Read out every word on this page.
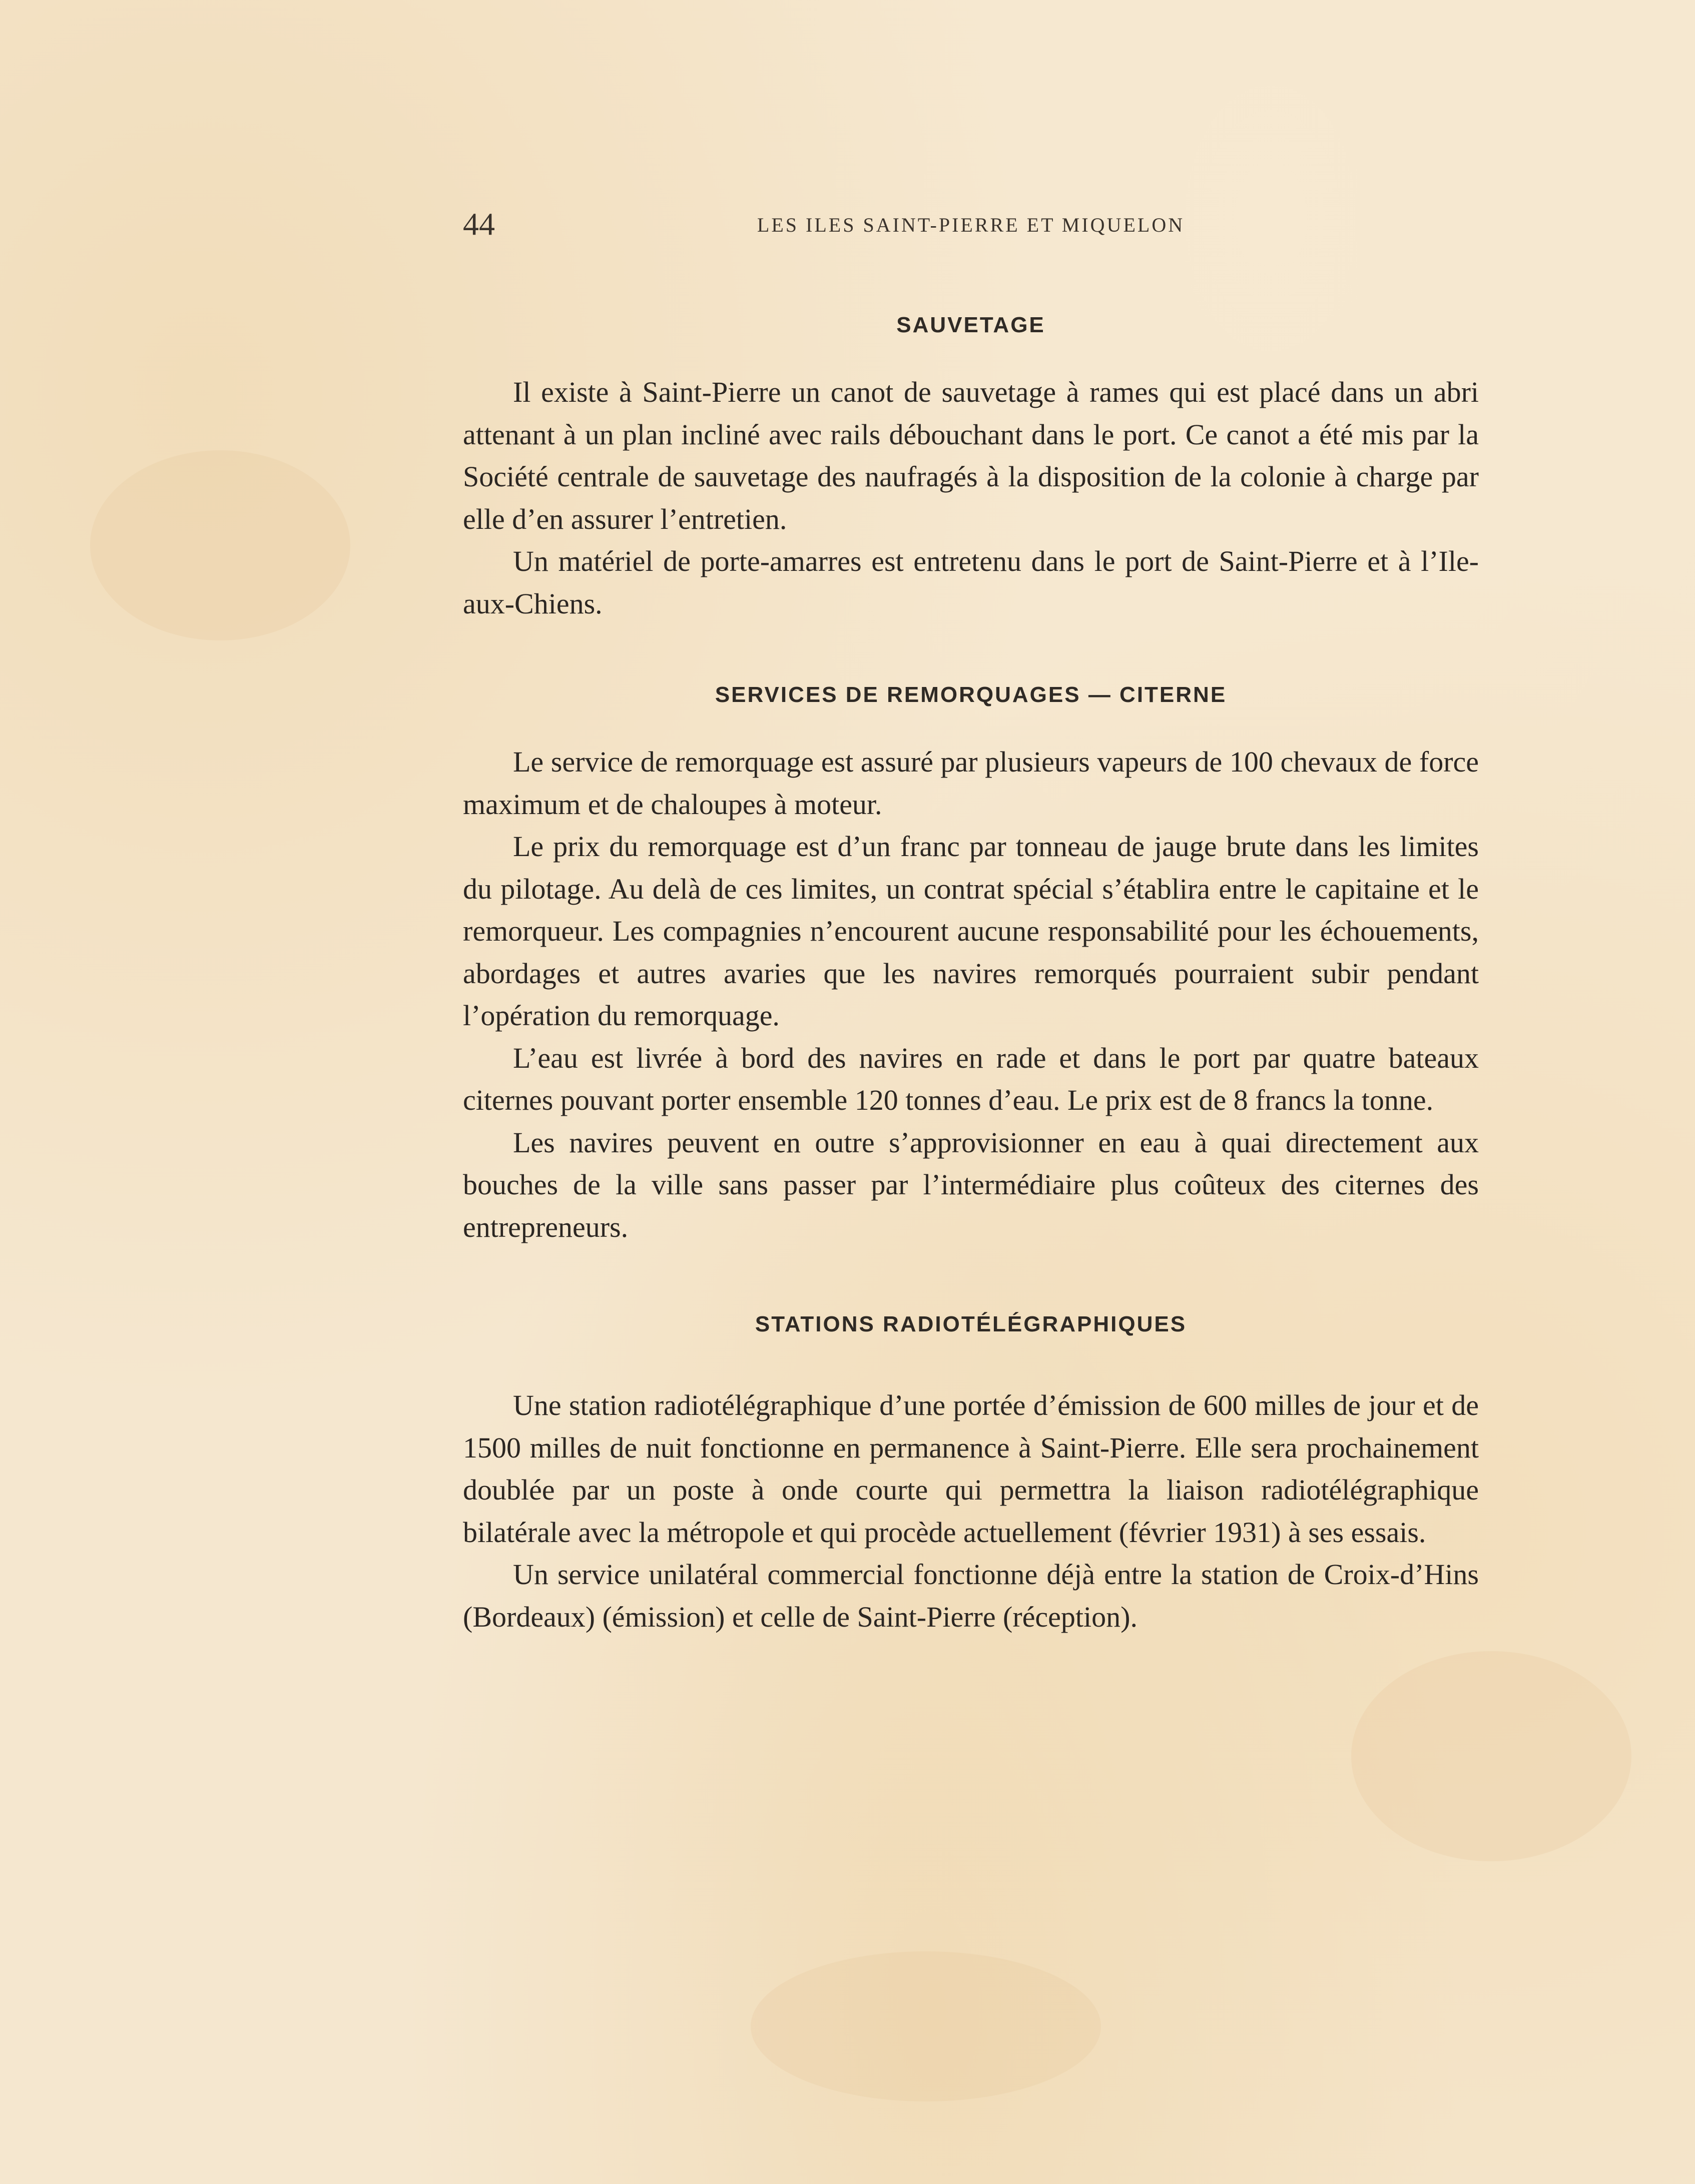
44	LES ILES SAINT-PIERRE ET MIQUELON
SAUVETAGE

Il existe à Saint-Pierre un canot de sauvetage à rames qui est placé dans un abri attenant à un plan incliné avec rails débouchant dans le port. Ce canot a été mis par la Société centrale de sauvetage des naufragés à la disposition de la colonie à charge par elle d’en assurer l’entretien.

Un matériel de porte-amarres est entretenu dans le port de Saint-Pierre et à l’Ile-aux-Chiens.

SERVICES DE REMORQUAGES — CITERNE

Le service de remorquage est assuré par plusieurs vapeurs de 100 chevaux de force maximum et de chaloupes à moteur.

Le prix du remorquage est d’un franc par tonneau de jauge brute dans les limites du pilotage. Au delà de ces limites, un contrat spécial s’établira entre le capitaine et le remorqueur. Les compagnies n’encourent aucune responsabilité pour les échouements, abordages et autres avaries que les navires remorqués pourraient subir pendant l’opération du remorquage.

L’eau est livrée à bord des navires en rade et dans le port par quatre bateaux citernes pouvant porter ensemble 120 tonnes d’eau. Le prix est de 8 francs la tonne.

Les navires peuvent en outre s’approvisionner en eau à quai directement aux bouches de la ville sans passer par l’intermédiaire plus coûteux des citernes des entrepreneurs.

STATIONS RADIOTÉLÉGRAPHIQUES

Une station radiotélégraphique d’une portée d’émission de 600 milles de jour et de 1500 milles de nuit fonctionne en permanence à Saint-Pierre. Elle sera prochainement doublée par un poste à onde courte qui permettra la liaison radiotélégraphique bilatérale avec la métropole et qui procède actuellement (février 1931) à ses essais.

Un service unilatéral commercial fonctionne déjà entre la station de Croix-d’Hins (Bordeaux) (émission) et celle de Saint-Pierre (réception).
